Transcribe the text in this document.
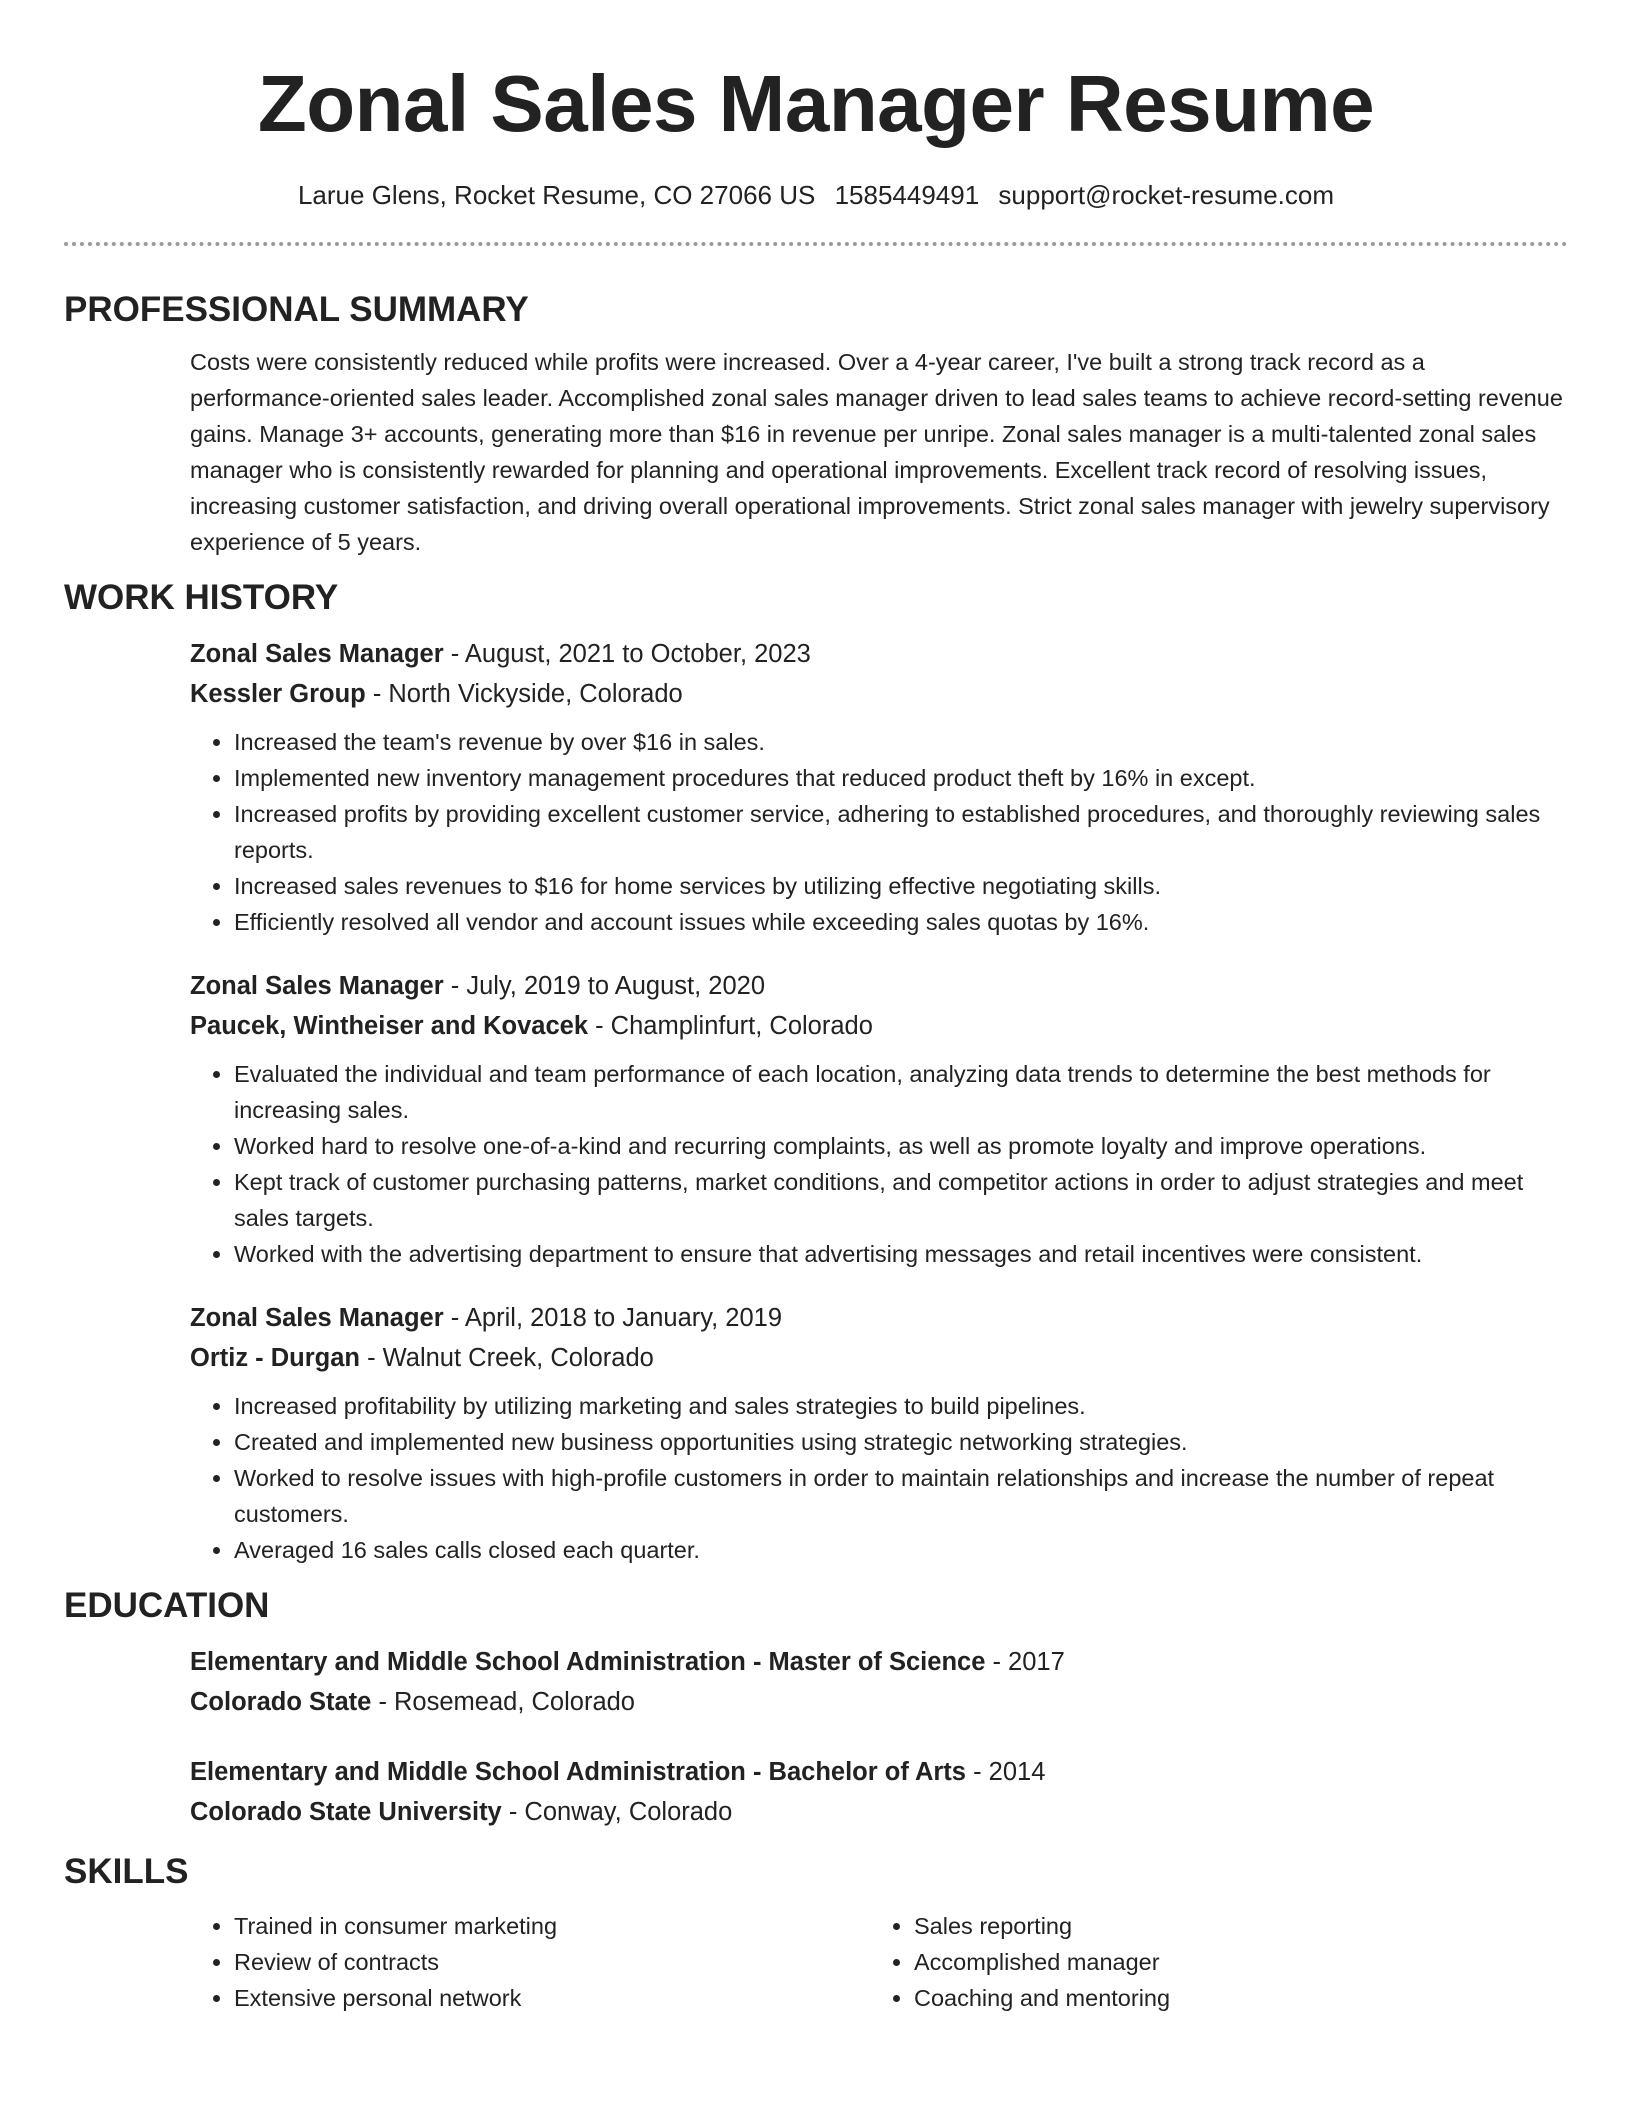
Zonal Sales Manager Resume
Larue Glens, Rocket Resume, CO 27066 US 1585449491 support@rocket-resume.com
PROFESSIONAL SUMMARY

Costs were consistently reduced while profits were increased. Over a 4-year career, I've built a strong track record as a performance-oriented sales leader. Accomplished zonal sales manager driven to lead sales teams to achieve record-setting revenue gains. Manage 3+ accounts, generating more than $16 in revenue per unripe. Zonal sales manager is a multi-talented zonal sales manager who is consistently rewarded for planning and operational improvements. Excellent track record of resolving issues, increasing customer satisfaction, and driving overall operational improvements. Strict zonal sales manager with jewelry supervisory experience of 5 years.

WORK HISTORY

Zonal Sales Manager - August, 2021 to October, 2023

Kessler Group - North Vickyside, Colorado

• Increased the team's revenue by over $16 in sales.
• Implemented new inventory management procedures that reduced product theft by 16% in except.
• Increased profits by providing excellent customer service, adhering to established procedures, and thoroughly reviewing sales reports.
• Increased sales revenues to $16 for home services by utilizing effective negotiating skills.
• Efficiently resolved all vendor and account issues while exceeding sales quotas by 16%.

Zonal Sales Manager - July, 2019 to August, 2020

Paucek, Wintheiser and Kovacek - Champlinfurt, Colorado

• Evaluated the individual and team performance of each location, analyzing data trends to determine the best methods for increasing sales.
• Worked hard to resolve one-of-a-kind and recurring complaints, as well as promote loyalty and improve operations.
• Kept track of customer purchasing patterns, market conditions, and competitor actions in order to adjust strategies and meet sales targets.
• Worked with the advertising department to ensure that advertising messages and retail incentives were consistent.

Zonal Sales Manager - April, 2018 to January, 2019

Ortiz - Durgan - Walnut Creek, Colorado

• Increased profitability by utilizing marketing and sales strategies to build pipelines.
• Created and implemented new business opportunities using strategic networking strategies.
• Worked to resolve issues with high-profile customers in order to maintain relationships and increase the number of repeat customers.
• Averaged 16 sales calls closed each quarter.
EDUCATION

Elementary and Middle School Administration - Master of Science - 2017

Colorado State - Rosemead, Colorado

Elementary and Middle School Administration - Bachelor of Arts - 2014

Colorado State University - Conway, Colorado

SKILLS
• Trained in consumer marketing
• Review of contracts
• Extensive personal network
• Sales reporting
• Accomplished manager
• Coaching and mentoring
